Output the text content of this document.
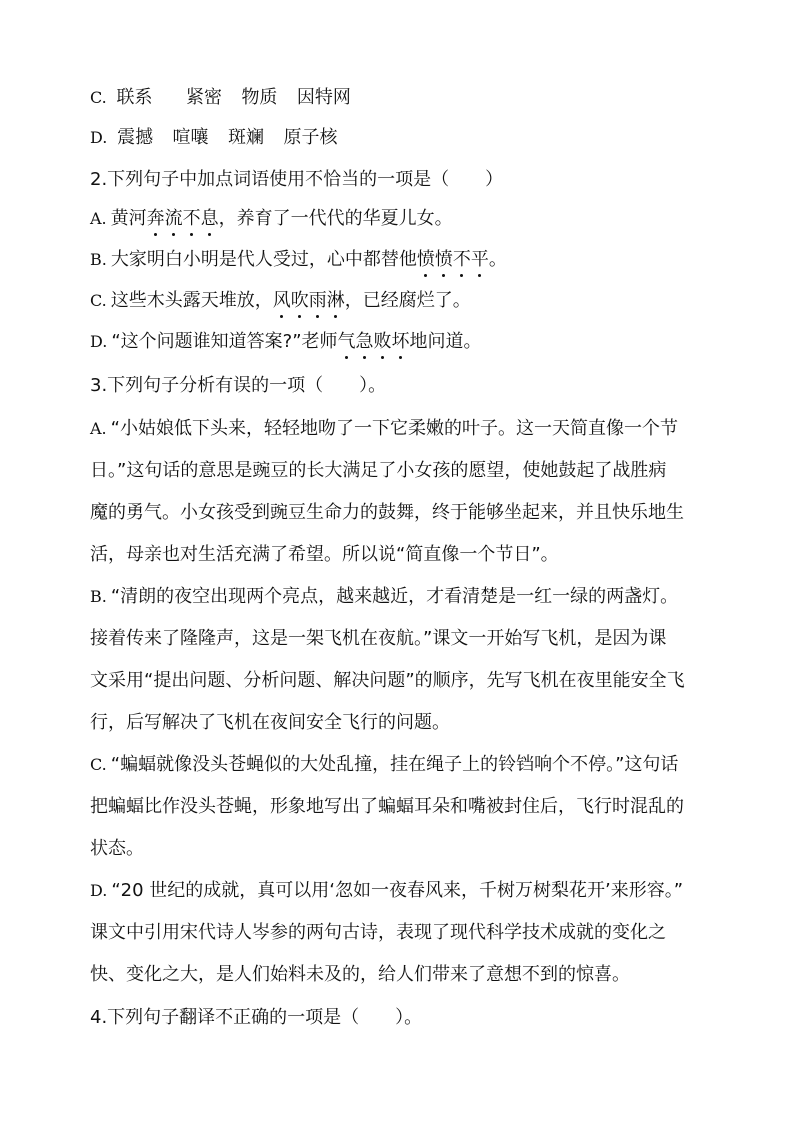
C. 联系 紧密 物质 因特网
D. 震撼 喧嚷 斑斓 原子核
2.下列句子中加点词语使用不恰当的一项是（　　）
A. 黄河奔流不息，养育了一代代的华夏儿女。
B. 大家明白小明是代人受过，心中都替他愤愤不平。
C. 这些木头露天堆放，风吹雨淋，已经腐烂了。
D. “这个问题谁知道答案?”老师气急败坏地问道。
3.下列句子分析有误的一项（　　）。
A. “小姑娘低下头来，轻轻地吻了一下它柔嫩的叶子。这一天简直像一个节
日。”这句话的意思是豌豆的长大满足了小女孩的愿望，使她鼓起了战胜病
魔的勇气。小女孩受到豌豆生命力的鼓舞，终于能够坐起来，并且快乐地生
活，母亲也对生活充满了希望。所以说“简直像一个节日”。
B. “清朗的夜空出现两个亮点，越来越近，才看清楚是一红一绿的两盏灯。
接着传来了隆隆声，这是一架飞机在夜航。”课文一开始写飞机，是因为课
文采用“提出问题、分析问题、解决问题”的顺序，先写飞机在夜里能安全飞
行，后写解决了飞机在夜间安全飞行的问题。
C. “蝙蝠就像没头苍蝇似的大处乱撞，挂在绳子上的铃铛响个不停。”这句话
把蝙蝠比作没头苍蝇，形象地写出了蝙蝠耳朵和嘴被封住后，飞行时混乱的
状态。
D. “20 世纪的成就，真可以用‘忽如一夜春风来，千树万树梨花开’来形容。”
课文中引用宋代诗人岑参的两句古诗，表现了现代科学技术成就的变化之
快、变化之大，是人们始料未及的，给人们带来了意想不到的惊喜。
4.下列句子翻译不正确的一项是（　　）。
